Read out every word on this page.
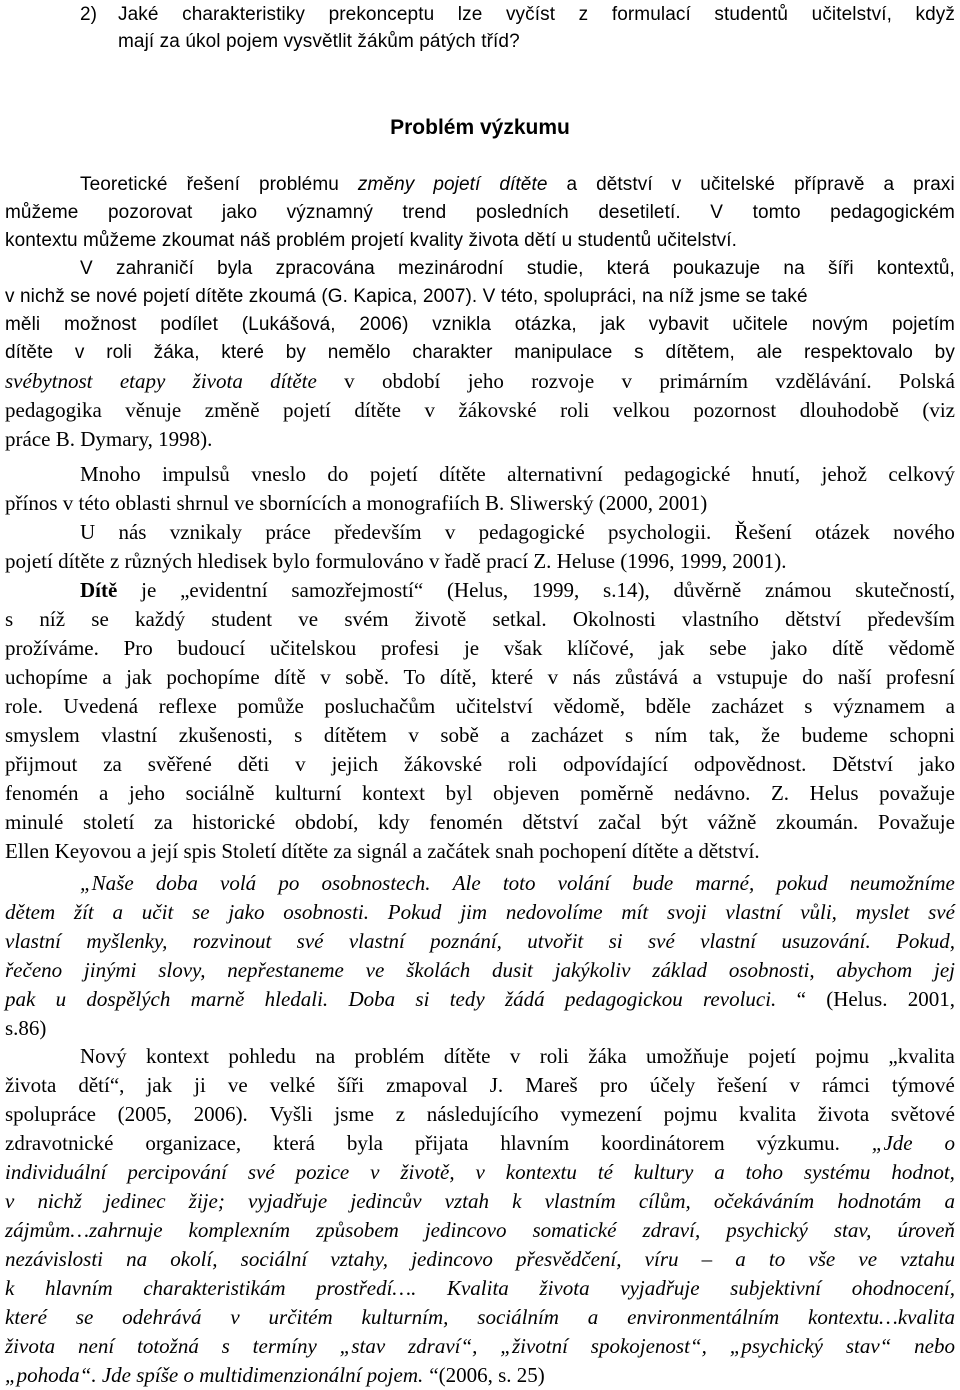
2) Jaké charakteristiky prekonceptu lze vyčíst z formulací studentů učitelství, když
mají za úkol pojem vysvětlit žákům pátých tříd?
Problém výzkumu
Teoretické řešení problému změny pojetí dítěte a dětství v učitelské přípravě a praxi
můžeme pozorovat jako významný trend posledních desetiletí. V tomto pedagogickém
kontextu můžeme zkoumat náš problém projetí kvality života dětí u studentů učitelství.
V zahraničí byla zpracována mezinárodní studie, která poukazuje na šíři kontextů,
v nichž se nové pojetí dítěte zkoumá (G. Kapica, 2007). V této, spolupráci, na níž jsme se také
měli možnost podílet (Lukášová, 2006) vznikla otázka, jak vybavit učitele novým pojetím
dítěte v roli žáka, které by nemělo charakter manipulace s dítětem, ale respektovalo by
svébytnost etapy života dítěte v období jeho rozvoje v primárním vzdělávání. Polská
pedagogika věnuje změně pojetí dítěte v žákovské roli velkou pozornost dlouhodobě (viz
práce B. Dymary, 1998).
Mnoho impulsů vneslo do pojetí dítěte alternativní pedagogické hnutí, jehož celkový
přínos v této oblasti shrnul ve sbornících a monografiích B. Sliwerský (2000, 2001)
U nás vznikaly práce především v pedagogické psychologii. Řešení otázek nového
pojetí dítěte z různých hledisek bylo formulováno v řadě prací Z. Heluse (1996, 1999, 2001).
Dítě je „evidentní samozřejmostí“ (Helus, 1999, s.14), důvěrně známou skutečností,
s níž se každý student ve svém životě setkal. Okolnosti vlastního dětství především
prožíváme. Pro budoucí učitelskou profesi je však klíčové, jak sebe jako dítě vědomě
uchopíme a jak pochopíme dítě v sobě. To dítě, které v nás zůstává a vstupuje do naší profesní
role. Uvedená reflexe pomůže posluchačům učitelství vědomě, bděle zacházet s významem a
smyslem vlastní zkušenosti, s dítětem v sobě a zacházet s ním tak, že budeme schopni
přijmout za svěřené děti v jejich žákovské roli odpovídající odpovědnost. Dětství jako
fenomén a jeho sociálně kulturní kontext byl objeven poměrně nedávno. Z. Helus považuje
minulé století za historické období, kdy fenomén dětství začal být vážně zkoumán. Považuje
Ellen Keyovou a její spis Století dítěte za signál a začátek snah pochopení dítěte a dětství.
„Naše doba volá po osobnostech. Ale toto volání bude marné, pokud neumožníme
dětem žít a učit se jako osobnosti. Pokud jim nedovolíme mít svoji vlastní vůli, myslet své
vlastní myšlenky, rozvinout své vlastní poznání, utvořit si své vlastní usuzování. Pokud,
řečeno jinými slovy, nepřestaneme ve školách dusit jakýkoliv základ osobnosti, abychom jej
pak u dospělých marně hledali. Doba si tedy žádá pedagogickou revoluci. “ (Helus. 2001,
s.86)
Nový kontext pohledu na problém dítěte v roli žáka umožňuje pojetí pojmu „kvalita
života dětí“, jak ji ve velké šíři zmapoval J. Mareš pro účely řešení v rámci týmové
spolupráce (2005, 2006). Vyšli jsme z následujícího vymezení pojmu kvalita života světové
zdravotnické organizace, která byla přijata hlavním koordinátorem výzkumu. „Jde o
individuální percipování své pozice v životě, v kontextu té kultury a toho systému hodnot,
v nichž jedinec žije; vyjadřuje jedincův vztah k vlastním cílům, očekáváním hodnotám a
zájmům…zahrnuje komplexním způsobem jedincovo somatické zdraví, psychický stav, úroveň
nezávislosti na okolí, sociální vztahy, jedincovo přesvědčení, víru – a to vše ve vztahu
k hlavním charakteristikám prostředí…. Kvalita života vyjadřuje subjektivní ohodnocení,
které se odehrává v určitém kulturním, sociálním a environmentálním kontextu…kvalita
života není totožná s termíny „stav zdraví“, „životní spokojenost“, „psychický stav“ nebo
„pohoda“. Jde spíše o multidimenzionální pojem. “(2006, s. 25)
